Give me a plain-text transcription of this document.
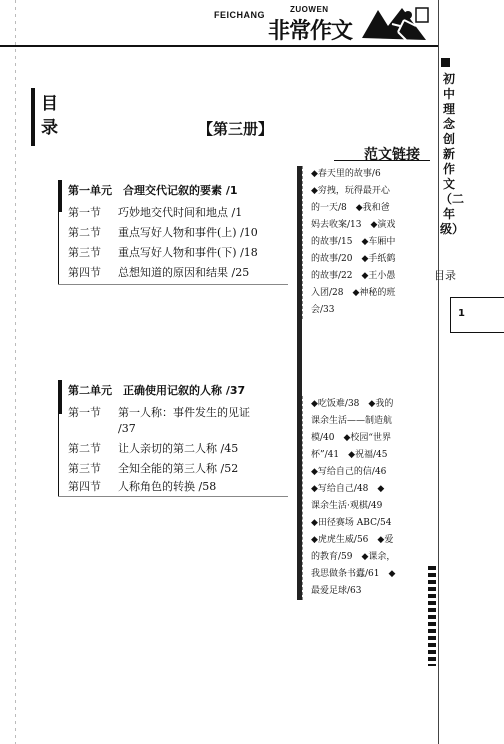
FEICHANG
ZUOWEN
非常作文
初中理念创新作文（二年级）
目录
1
目录	【第三册】
第一单元　合理交代记叙的要素 /1
第一节 巧妙地交代时间和地点 /1
第二节 重点写好人物和事件(上) /10
第三节 重点写好人物和事件(下) /18
第四节 总想知道的原因和结果 /25
第二单元　正确使用记叙的人称 /37
第一节 第一人称：事件发生的见证
/37
第二节 让人亲切的第二人称 /45
第三节 全知全能的第三人称 /52
第四节 人称角色的转换 /58
范文链接

◆春天里的故事/6

◆穷拽，玩得最开心

的一天/8　◆我和爸

妈去收案/13　◆演戏

的故事/15　◆车厢中

的故事/20　◆手纸鹤

的故事/22　◆王小愚

入团/28　◆神秘的班

会/33

◆吃饭难/38　◆我的

课余生活——制造航

模/40　◆校园“世界

杯”/41　◆祝福/45

◆写给自己的信/46

◆写给自己/48　◆

课余生活·观棋/49

◆田径赛场 ABC/54

◆虎虎生威/56　◆爱

的教育/59　◆课余，

我思做条书蠹/61　◆

最爱足球/63
